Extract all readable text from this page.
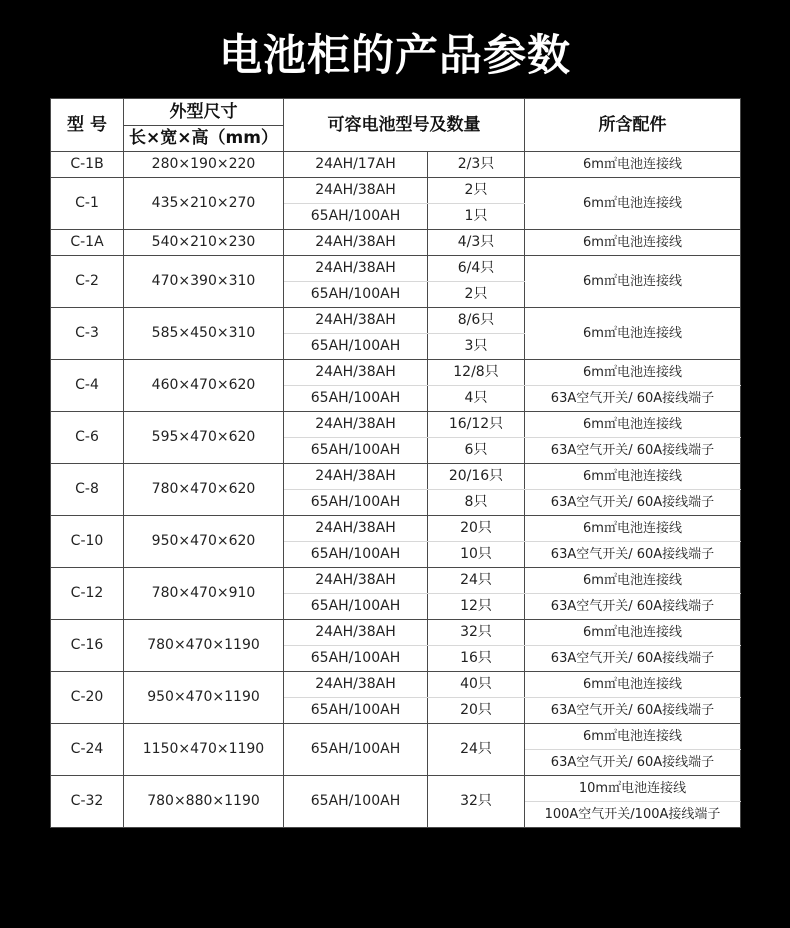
电池柜的产品参数
型 号	外型尺寸	可容电池型号及数量		所含配件
	长×宽×高（mm）			
C-1B	280×190×220	24AH/17AH	2/3只	6m㎡电池连接线

C-1	435×210×270	24AH/38AH	2只	6m㎡电池连接线
		65AH/100AH	1只	
C-1A	540×210×230	24AH/38AH	4/3只	6m㎡电池连接线

C-2	470×390×310	24AH/38AH	6/4只	6m㎡电池连接线
		65AH/100AH	2只	
C-3	585×450×310	24AH/38AH	8/6只	6m㎡电池连接线
		65AH/100AH	3只	
C-4	460×470×620	24AH/38AH	12/8只	6m㎡电池连接线
		65AH/100AH	4只	63A空气开关/ 60A接线端子
C-6	595×470×620	24AH/38AH	16/12只	6m㎡电池连接线
		65AH/100AH	6只	63A空气开关/ 60A接线端子
C-8	780×470×620	24AH/38AH	20/16只	6m㎡电池连接线
		65AH/100AH	8只	63A空气开关/ 60A接线端子
C-10	950×470×620	24AH/38AH	20只	6m㎡电池连接线
		65AH/100AH	10只	63A空气开关/ 60A接线端子
C-12	780×470×910	24AH/38AH	24只	6m㎡电池连接线
		65AH/100AH	12只	63A空气开关/ 60A接线端子
C-16	780×470×1190	24AH/38AH	32只	6m㎡电池连接线
		65AH/100AH	16只	63A空气开关/ 60A接线端子
C-20	950×470×1190	24AH/38AH	40只	6m㎡电池连接线
		65AH/100AH	20只	63A空气开关/ 60A接线端子
C-24	1150×470×1190	65AH/100AH	24只	6m㎡电池连接线
				63A空气开关/ 60A接线端子
C-32	780×880×1190	65AH/100AH	32只	10m㎡电池连接线
				100A空气开关/100A接线端子
